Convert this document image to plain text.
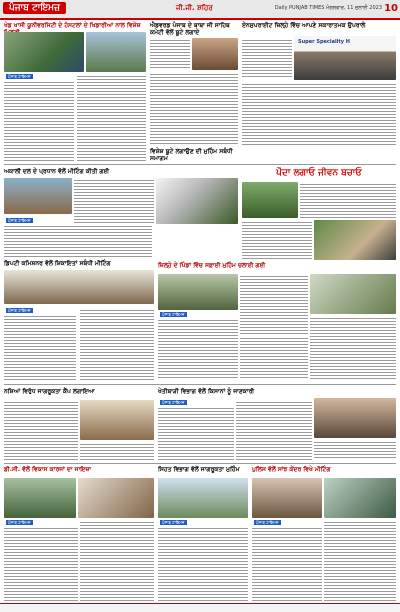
ਪੰਜਾਬ ਟਾਇਮਜ਼	ਜੀ.ਜੀ. ਸ਼ਹਿਰ	Daily PUNJAB TIMES ਮੰਗਲਵਾਰ, 11 ਜੁਲਾਈ 2023 10
ਖੇਡ ਖਾਸੀ ਯੂਨੀਵਰਸਿਟੀ ਦੇ ਹੋਸਟਲਾਂ ਦੇ ਖਿਡਾਰੀਆਂ ਨਾਲ ਵਿਸ਼ੇਸ਼
ਪੰਜਾਬ ਟਾਇਮਜ਼
ਐਡਵਰਡ ਪੰਜਾਬ ਦੇ ਬਾਬਾ ਜੀ ਸਾਹਿਬ ਕਮੇਟੀ ਵੱਲੋਂ ਬੂਟੇ ਲਗਾਏ
ਵਿਸ਼ੇਸ਼ ਬੂਟੇ ਲਗਾਉਣ ਦੀ ਮੁਹਿੰਮ ਸਬੰਧੀ ਸਮਾਗਮ
ਏਨਸੁਪਰਾਈਟ ਜ਼ਿਲ੍ਹੇ ਵਿੱਚ ਆਪਣੇ ਸਕਾਰਾਤਮਕ ਉਪਰਾਲੇ
Super Speciality H
ਅਕਾਲੀ ਦਲ ਦੇ ਪ੍ਰਧਾਨ ਵੱਲੋਂ ਮੀਟਿੰਗ ਕੀਤੀ ਗਈ
ਪੰਜਾਬ ਟਾਇਮਜ਼
ਪੌਦਾ ਲਗਾਓ ਜੀਵਨ ਬਚਾਓ
ਡਿਪਟੀ ਕਮਿਸ਼ਨਰ ਵੱਲੋਂ ਸ਼ਿਕਾਇਤਾਂ ਸਬੰਧੀ ਮੀਟਿੰਗ
ਪੰਜਾਬ ਟਾਇਮਜ਼
ਜ਼ਿਲ੍ਹੇ ਦੇ ਪਿੰਡਾਂ ਵਿੱਚ ਸਫ਼ਾਈ ਮੁਹਿੰਮ ਚਲਾਈ ਗਈ
ਪੰਜਾਬ ਟਾਇਮਜ਼
ਨਸ਼ਿਆਂ ਵਿਰੁੱਧ ਜਾਗਰੂਕਤਾ ਕੈਂਪ ਲਗਾਇਆ	ਖੇਤੀਬਾੜੀ ਵਿਭਾਗ ਵੱਲੋਂ ਕਿਸਾਨਾਂ ਨੂੰ ਜਾਣਕਾਰੀ
ਪੰਜਾਬ ਟਾਇਮਜ਼
ਡੀ.ਸੀ. ਵੱਲੋਂ ਵਿਕਾਸ ਕਾਰਜਾਂ ਦਾ ਜਾਇਜ਼ਾ
ਪੰਜਾਬ ਟਾਇਮਜ਼
ਸਿਹਤ ਵਿਭਾਗ ਵੱਲੋਂ ਜਾਗਰੂਕਤਾ ਮੁਹਿੰਮ
ਪੰਜਾਬ ਟਾਇਮਜ਼
ਪੁਲਿਸ ਵੱਲੋਂ ਸਾਂਝ ਕੇਂਦਰ ਵਿਖੇ ਮੀਟਿੰਗ
ਪੰਜਾਬ ਟਾਇਮਜ਼
